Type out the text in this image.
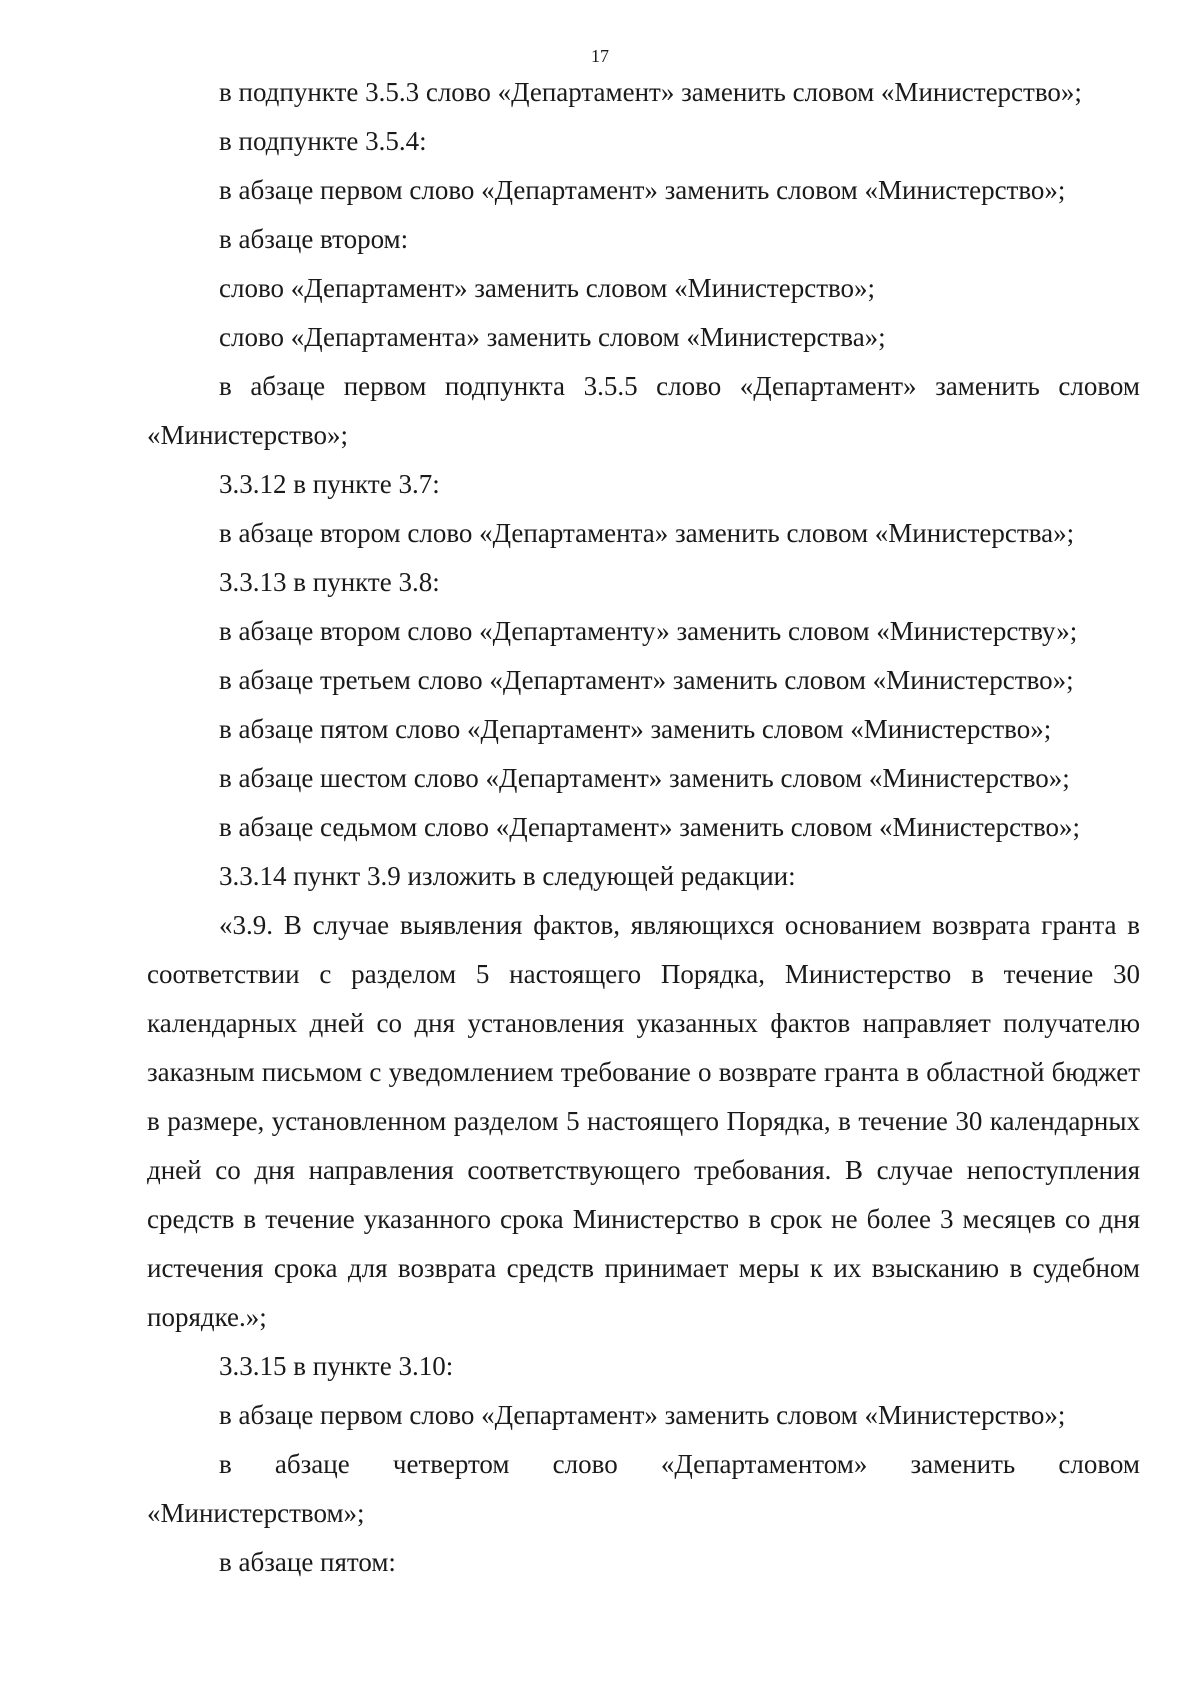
17

в подпункте 3.5.3 слово «Департамент» заменить словом «Министерство»;

в подпункте 3.5.4:

в абзаце первом слово «Департамент» заменить словом «Министерство»;

в абзаце втором:

слово «Департамент» заменить словом «Министерство»;

слово «Департамента» заменить словом «Министерства»;

в абзаце первом подпункта 3.5.5 слово «Департамент» заменить словом «Министерство»;

3.3.12 в пункте 3.7:

в абзаце втором слово «Департамента» заменить словом «Министерства»;

3.3.13 в пункте 3.8:

в абзаце втором слово «Департаменту» заменить словом «Министерству»;

в абзаце третьем слово «Департамент» заменить словом «Министерство»;

в абзаце пятом слово «Департамент» заменить словом «Министерство»;

в абзаце шестом слово «Департамент» заменить словом «Министерство»;

в абзаце седьмом слово «Департамент» заменить словом «Министерство»;

3.3.14 пункт 3.9 изложить в следующей редакции:

«3.9. В случае выявления фактов, являющихся основанием возврата гранта в соответствии с разделом 5 настоящего Порядка, Министерство в течение 30 календарных дней со дня установления указанных фактов направляет получателю заказным письмом с уведомлением требование о возврате гранта в областной бюджет в размере, установленном разделом 5 настоящего Порядка, в течение 30 календарных дней со дня направления соответствующего требования. В случае непоступления средств в течение указанного срока Министерство в срок не более 3 месяцев со дня истечения срока для возврата средств принимает меры к их взысканию в судебном порядке.»;

3.3.15 в пункте 3.10:

в абзаце первом слово «Департамент» заменить словом «Министерство»;

в абзаце четвертом слово «Департаментом» заменить словом «Министерством»;

в абзаце пятом:
